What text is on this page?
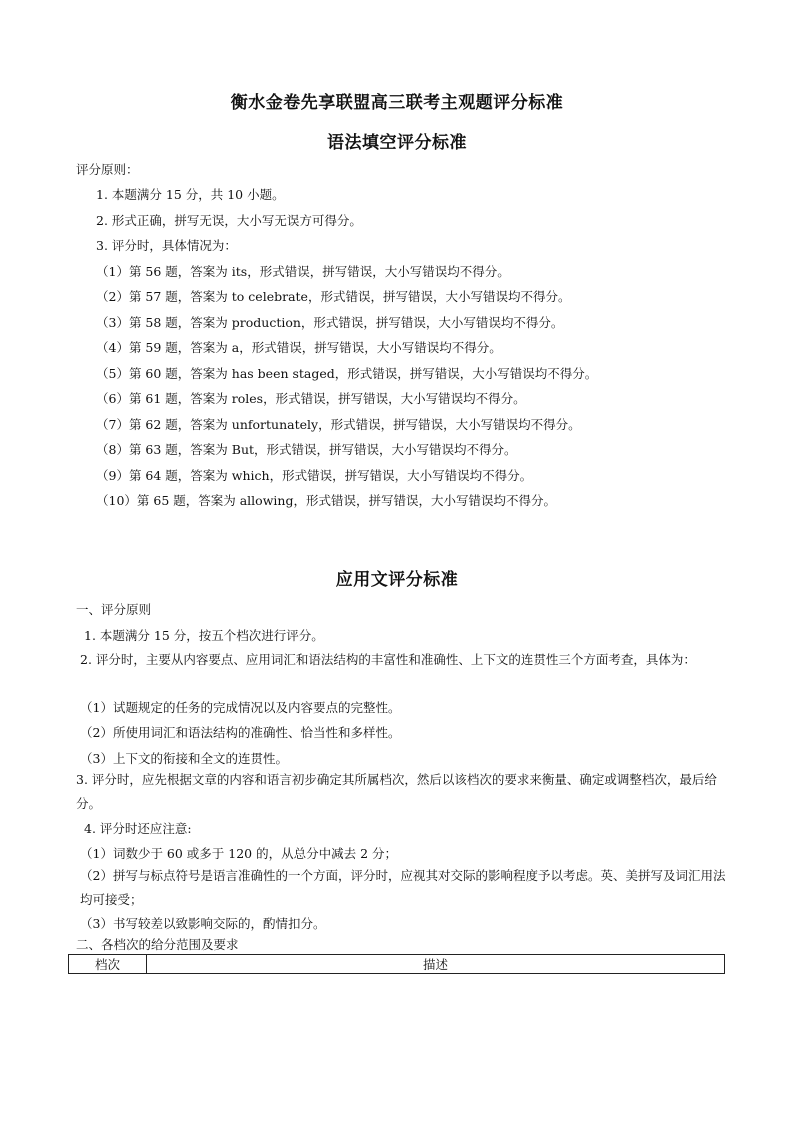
衡水金卷先享联盟高三联考主观题评分标准
语法填空评分标准
评分原则：
1. 本题满分 15 分，共 10 小题。
2. 形式正确，拼写无误，大小写无误方可得分。
3. 评分时，具体情况为：
（1）第 56 题，答案为 its，形式错误，拼写错误，大小写错误均不得分。
（2）第 57 题，答案为 to celebrate，形式错误，拼写错误，大小写错误均不得分。
（3）第 58 题，答案为 production，形式错误，拼写错误，大小写错误均不得分。
（4）第 59 题，答案为 a，形式错误，拼写错误，大小写错误均不得分。
（5）第 60 题，答案为 has been staged，形式错误，拼写错误，大小写错误均不得分。
（6）第 61 题，答案为 roles，形式错误，拼写错误，大小写错误均不得分。
（7）第 62 题，答案为 unfortunately，形式错误，拼写错误，大小写错误均不得分。
（8）第 63 题，答案为 But，形式错误，拼写错误，大小写错误均不得分。
（9）第 64 题，答案为 which，形式错误，拼写错误，大小写错误均不得分。
（10）第 65 题，答案为 allowing，形式错误，拼写错误，大小写错误均不得分。
应用文评分标准
一、评分原则
1. 本题满分 15 分，按五个档次进行评分。
2. 评分时，主要从内容要点、应用词汇和语法结构的丰富性和准确性、上下文的连贯性三个方面考查，具体为：
（1）试题规定的任务的完成情况以及内容要点的完整性。
（2）所使用词汇和语法结构的准确性、恰当性和多样性。
（3）上下文的衔接和全文的连贯性。
3. 评分时，应先根据文章的内容和语言初步确定其所属档次，然后以该档次的要求来衡量、确定或调整档次，最后给分。
4. 评分时还应注意:
（1）词数少于 60 或多于 120 的，从总分中减去 2 分；
（2）拼写与标点符号是语言准确性的一个方面，评分时，应视其对交际的影响程度予以考虑。英、美拼写及词汇用法均可接受；
（3）书写较差以致影响交际的，酌情扣分。
二、各档次的给分范围及要求
档次	描述
